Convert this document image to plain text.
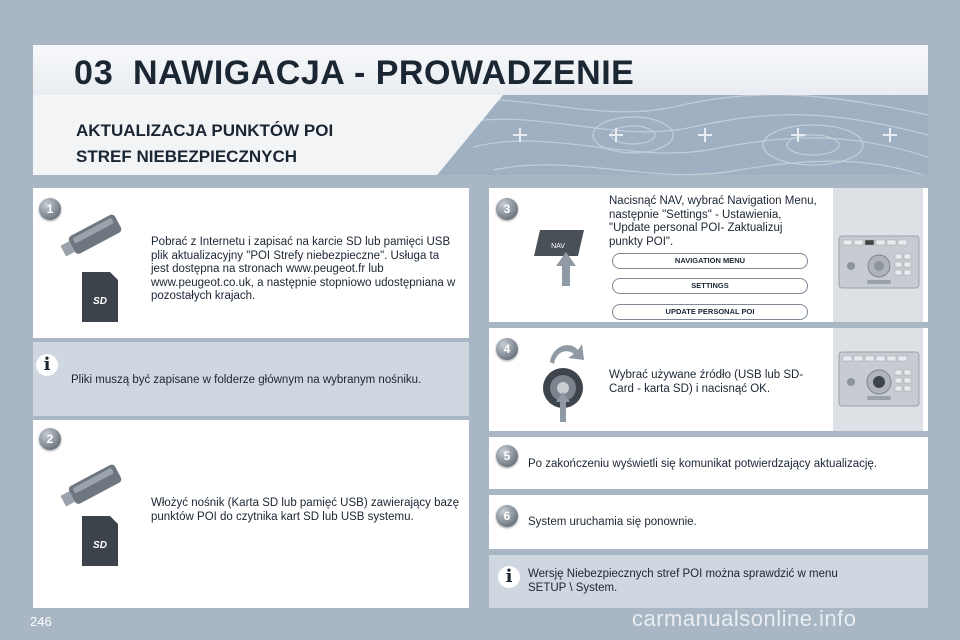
03 NAWIGACJA - PROWADZENIE
AKTUALIZACJA PUNKTÓW POI
STREF NIEBEZPIECZNYCH
1
SD
Pobrać z Internetu i zapisać na karcie SD lub pamięci USB plik aktualizacyjny "POI Strefy niebezpieczne". Usługa ta jest dostępna na stronach www.peugeot.fr lub www.peugeot.co.uk, a następnie stopniowo udostępniana w pozostałych krajach.
i
Pliki muszą być zapisane w folderze głównym na wybranym nośniku.
2
SD
Włożyć nośnik (Karta SD lub pamięć USB) zawierający bazę punktów POI do czytnika kart SD lub USB systemu.
3
NAV
Nacisnąć NAV, wybrać Navigation Menu, następnie "Settings" - Ustawienia, "Update personal POI- Zaktualizuj punkty POI".
NAVIGATION MENU
SETTINGS
UPDATE PERSONAL POI
4
Wybrać używane źródło (USB lub SD-Card - karta SD) i nacisnąć OK.
5
Po zakończeniu wyświetli się komunikat potwierdzający aktualizację.
6	System uruchamia się ponownie.
i	Wersję Niebezpiecznych stref POI można sprawdzić w menu SETUP \ System.
246	carmanualsonline.info
